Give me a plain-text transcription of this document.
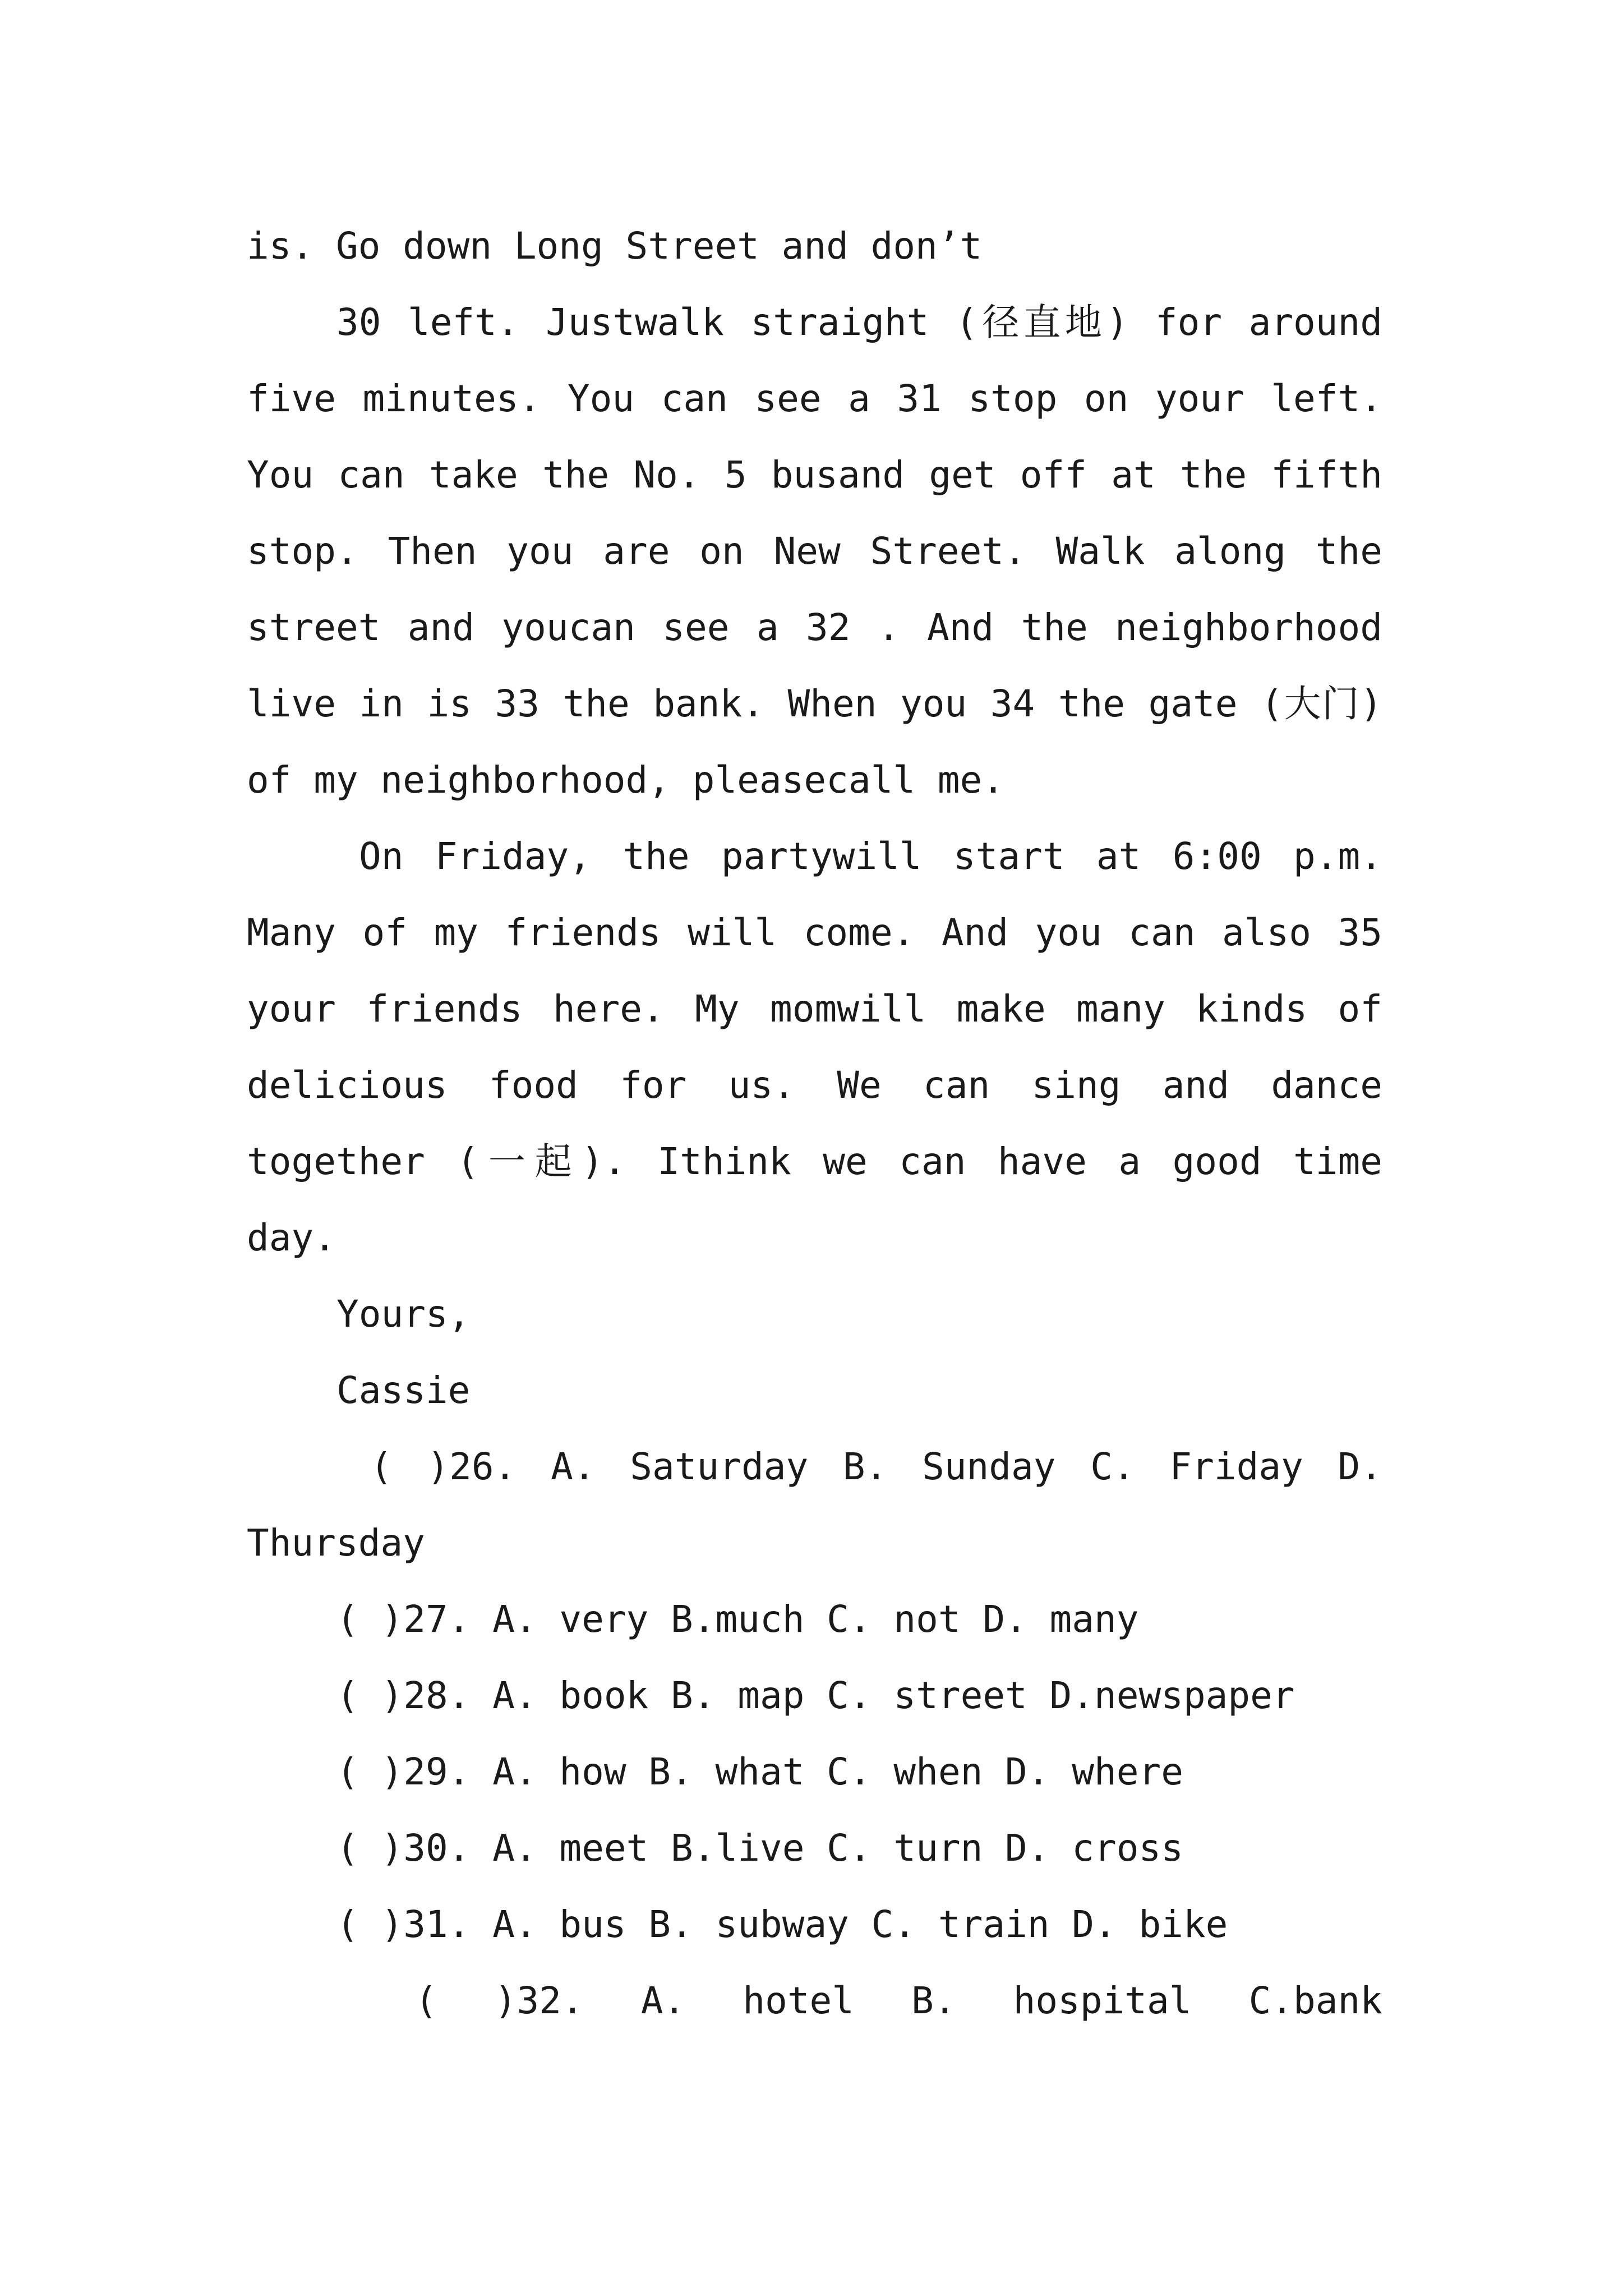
is. Go down Long Street and don’t
30 left. Justwalk straight (径直地) for around
five minutes. You can see a 31 stop on your left.
You can take the No. 5 busand get off at the fifth
stop. Then you are on New Street. Walk along the
street and youcan see a 32 . And the neighborhood
live in is 33 the bank. When you 34 the gate (大门)
of my neighborhood, pleasecall me.
On Friday, the partywill start at 6:00 p.m.
Many of my friends will come. And you can also 35
your friends here. My momwill make many kinds of
delicious food for us. We can sing and dance
together (一起). Ithink we can have a good time
day.
Yours,
Cassie
( )26. A. Saturday B. Sunday C. Friday D.
Thursday
( )27. A. very B.much C. not D. many
( )28. A. book B. map C. street D.newspaper
( )29. A. how B. what C. when D. where
( )30. A. meet B.live C. turn D. cross
( )31. A. bus B. subway C. train D. bike
( )32. A. hotel B. hospital C.bank
